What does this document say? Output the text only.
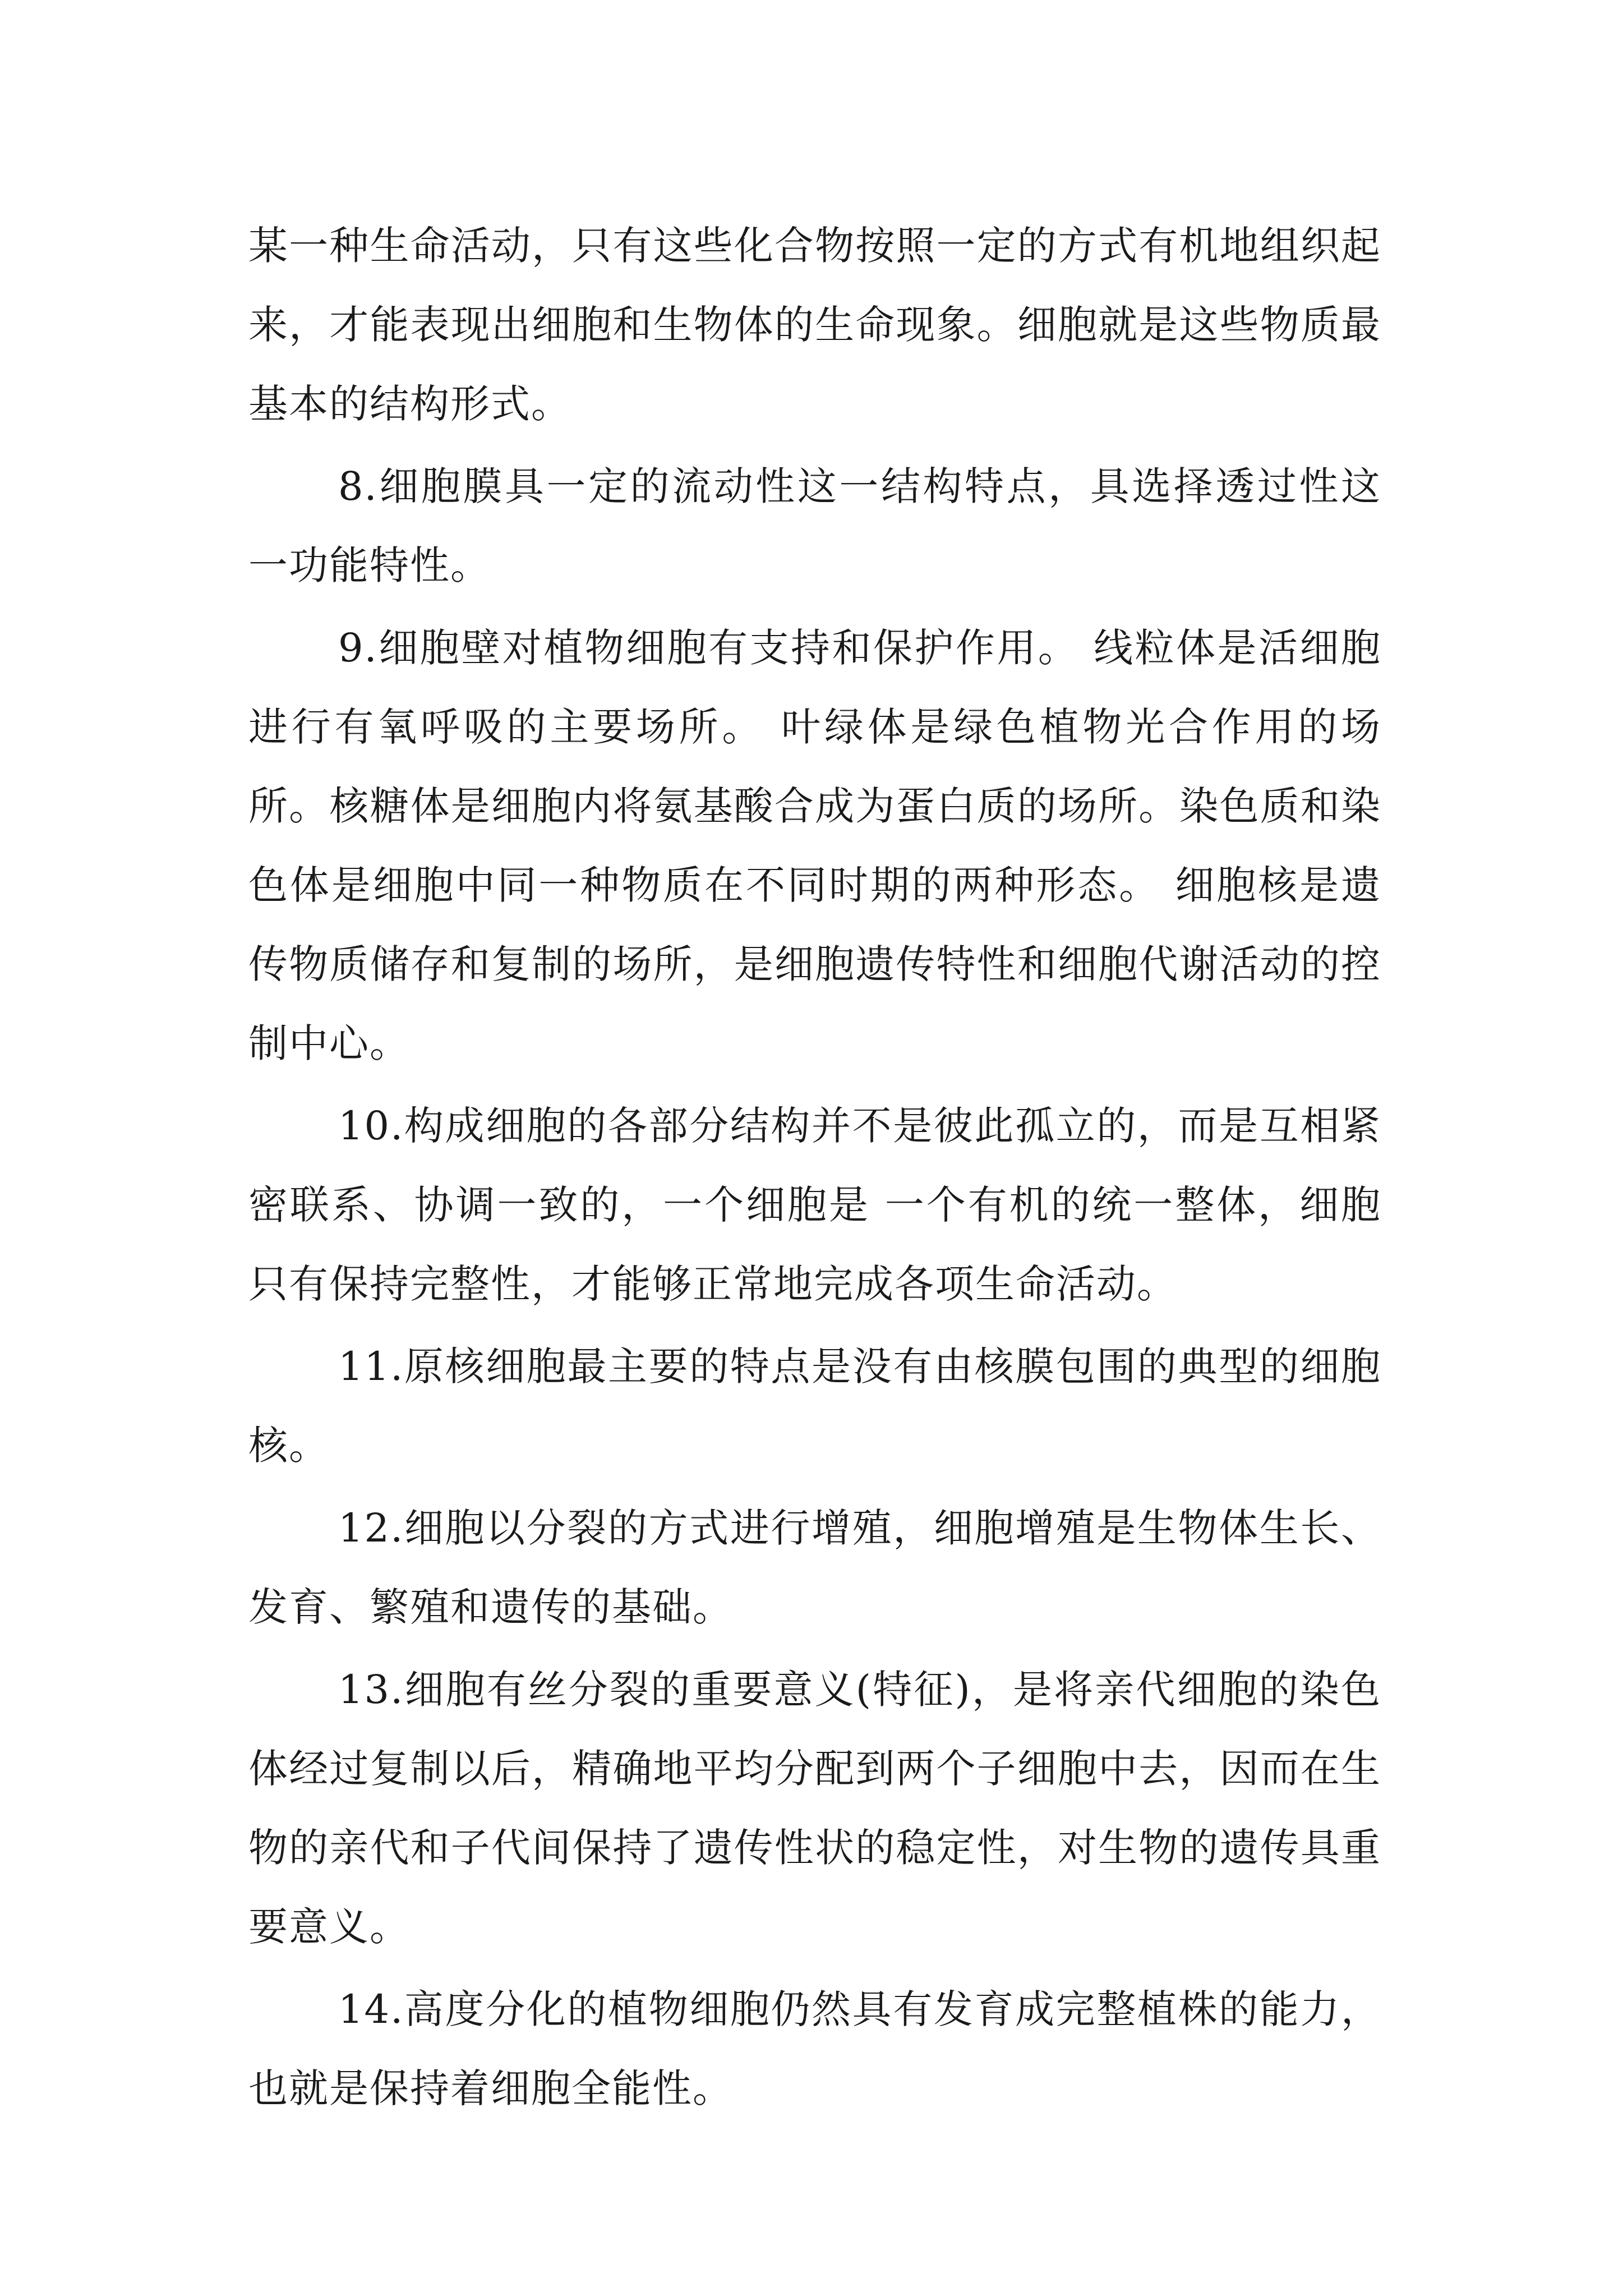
某一种生命活动，只有这些化合物按照一定的方式有机地组织起来，才能表现出细胞和生物体的生命现象。细胞就是这些物质最基本的结构形式。

8.细胞膜具一定的流动性这一结构特点，具选择透过性这一功能特性。

9.细胞壁对植物细胞有支持和保护作用。 线粒体是活细胞进行有氧呼吸的主要场所。 叶绿体是绿色植物光合作用的场所。核糖体是细胞内将氨基酸合成为蛋白质的场所。染色质和染色体是细胞中同一种物质在不同时期的两种形态。 细胞核是遗传物质储存和复制的场所，是细胞遗传特性和细胞代谢活动的控制中心。

10.构成细胞的各部分结构并不是彼此孤立的，而是互相紧密联系、协调一致的，一个细胞是 一个有机的统一整体，细胞只有保持完整性，才能够正常地完成各项生命活动。

11.原核细胞最主要的特点是没有由核膜包围的典型的细胞核。

12.细胞以分裂的方式进行增殖，细胞增殖是生物体生长、发育、繁殖和遗传的基础。

13.细胞有丝分裂的重要意义(特征)，是将亲代细胞的染色体经过复制以后，精确地平均分配到两个子细胞中去，因而在生物的亲代和子代间保持了遗传性状的稳定性，对生物的遗传具重要意义。

14.高度分化的植物细胞仍然具有发育成完整植株的能力，也就是保持着细胞全能性。
